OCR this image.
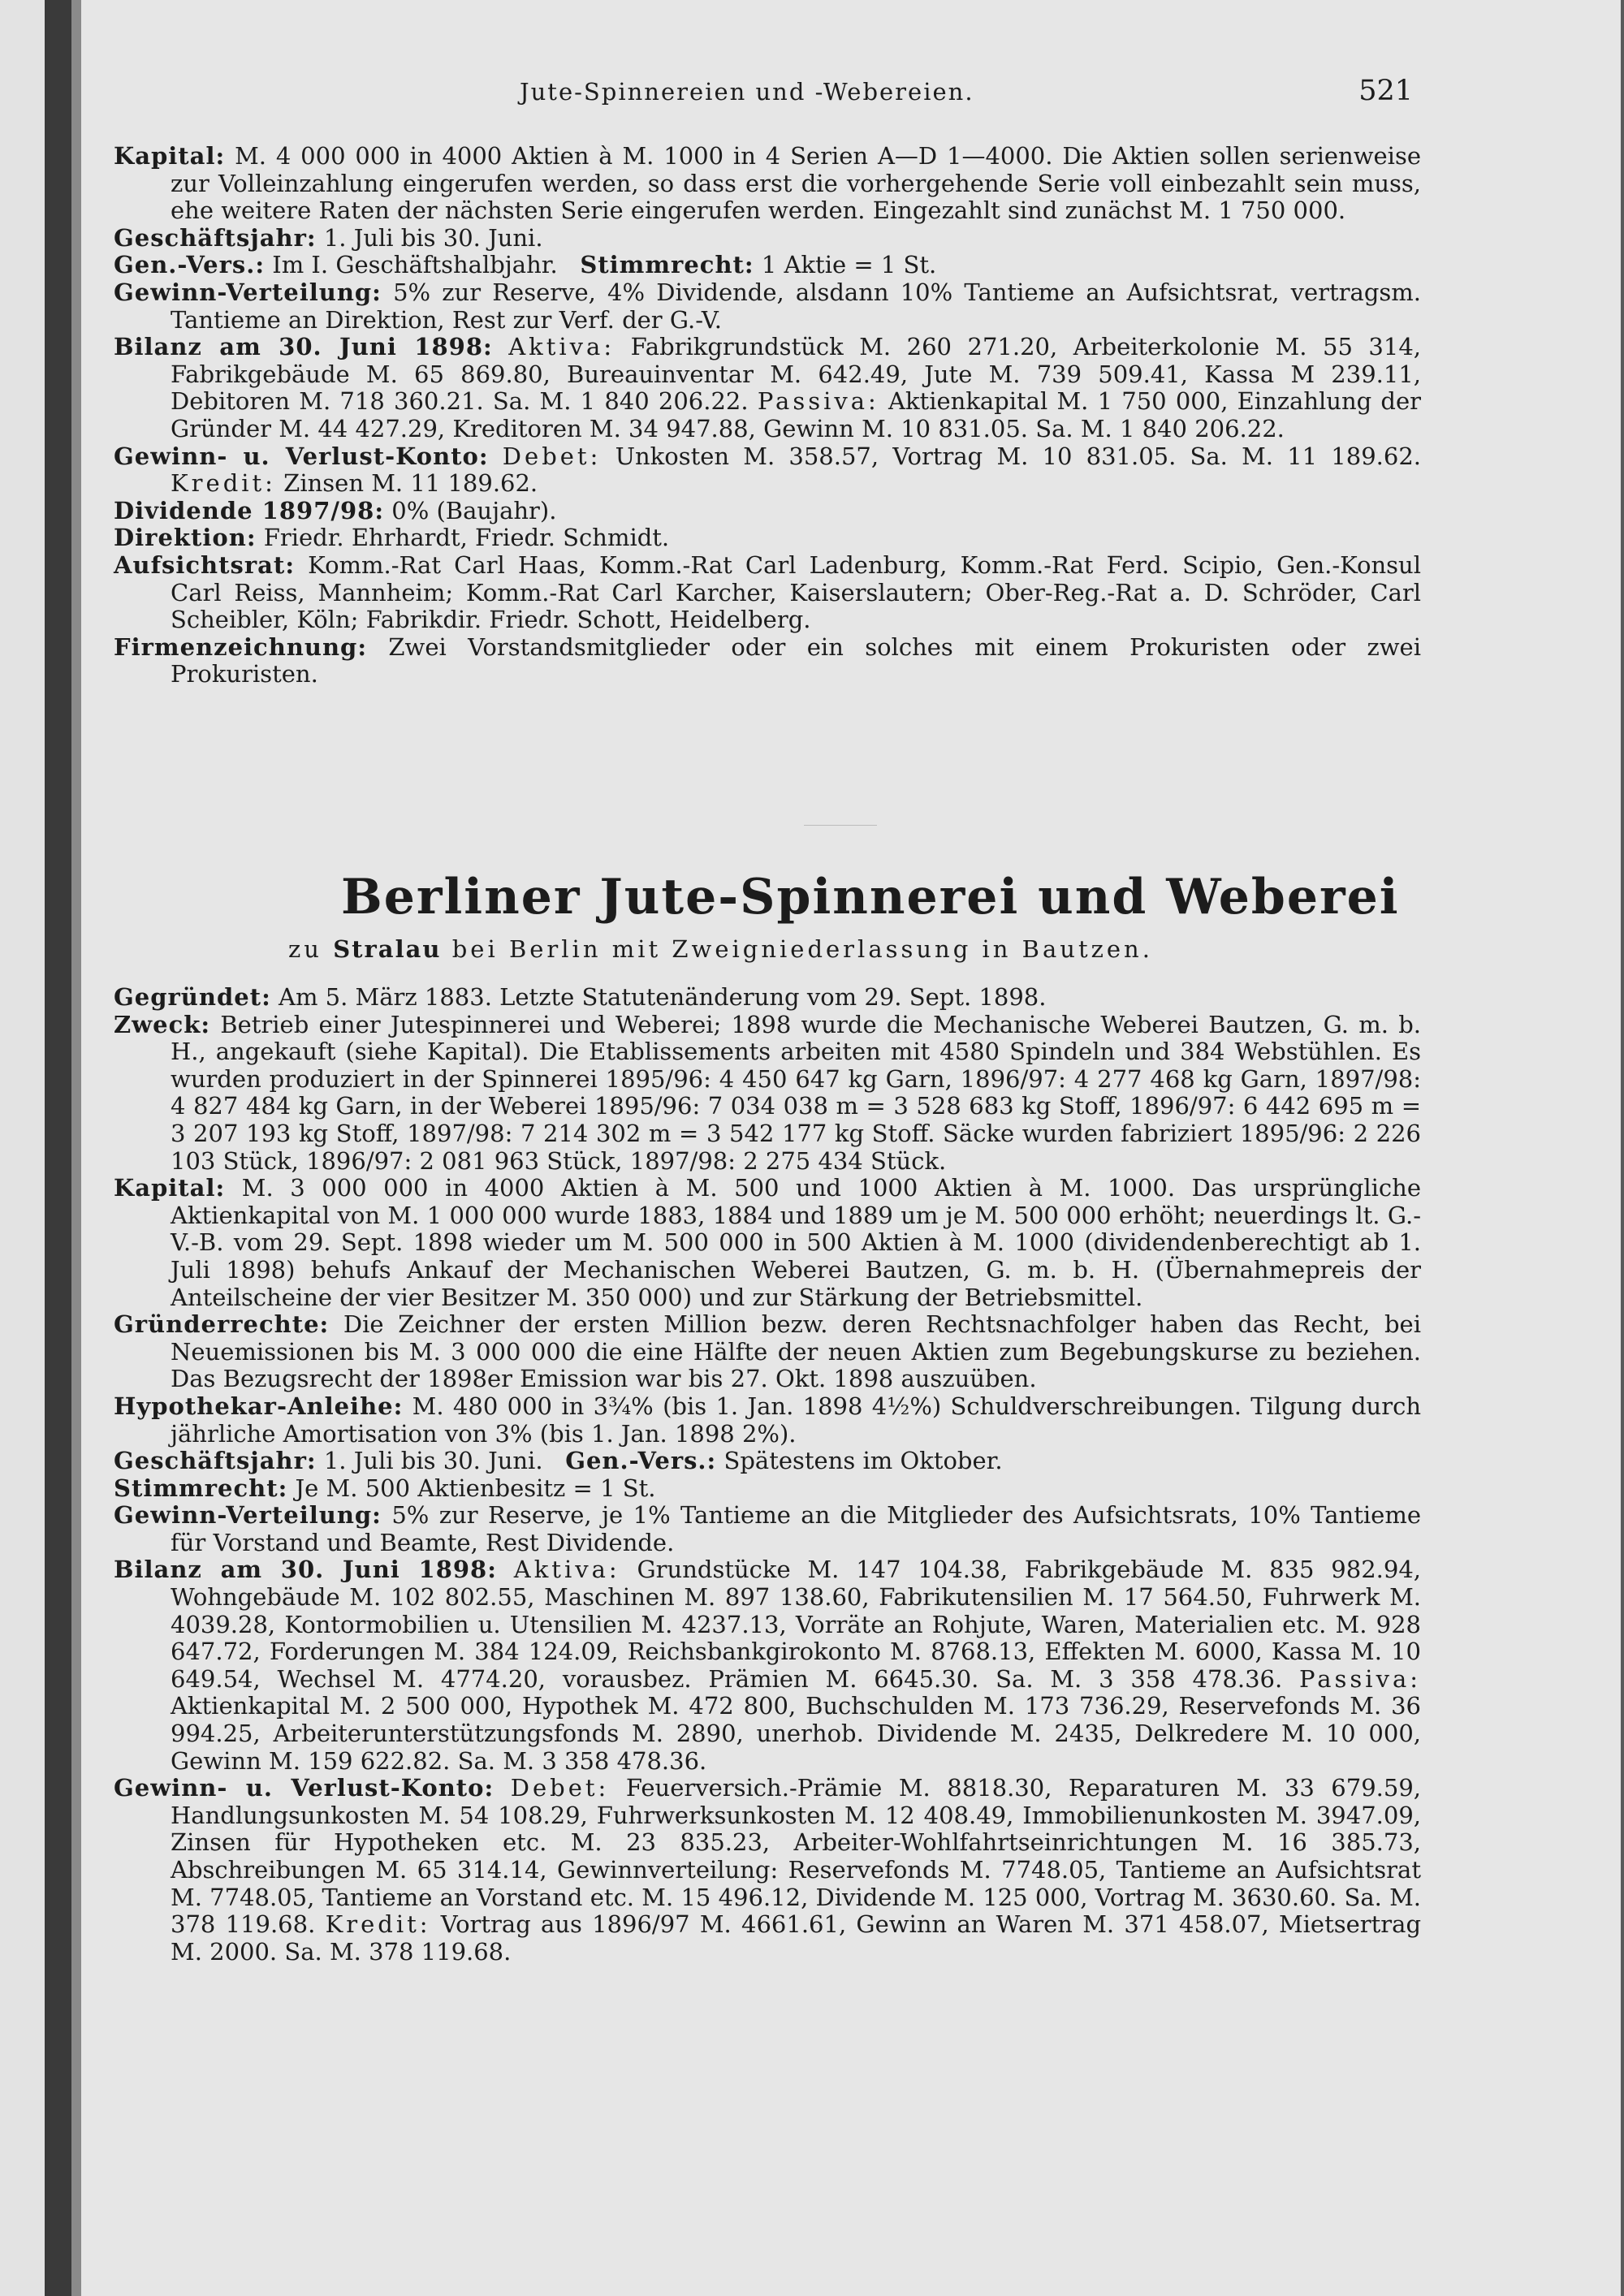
Jute-Spinnereien und -Webereien.	521

Kapital: M. 4 000 000 in 4000 Aktien à M. 1000 in 4 Serien A—D 1—4000. Die Aktien sollen serienweise zur Volleinzahlung eingerufen werden, so dass erst die vorhergehende Serie voll einbezahlt sein muss, ehe weitere Raten der nächsten Serie eingerufen werden. Eingezahlt sind zunächst M. 1 750 000.

Geschäftsjahr: 1. Juli bis 30. Juni.

Gen.-Vers.: Im I. Geschäftshalbjahr. Stimmrecht: 1 Aktie = 1 St.

Gewinn-Verteilung: 5% zur Reserve, 4% Dividende, alsdann 10% Tantieme an Aufsichtsrat, vertragsm. Tantieme an Direktion, Rest zur Verf. der G.-V.

Bilanz am 30. Juni 1898: Aktiva: Fabrikgrundstück M. 260 271.20, Arbeiterkolonie M. 55 314, Fabrikgebäude M. 65 869.80, Bureauinventar M. 642.49, Jute M. 739 509.41, Kassa M 239.11, Debitoren M. 718 360.21. Sa. M. 1 840 206.22. Passiva: Aktienkapital M. 1 750 000, Einzahlung der Gründer M. 44 427.29, Kreditoren M. 34 947.88, Gewinn M. 10 831.05. Sa. M. 1 840 206.22.

Gewinn- u. Verlust-Konto: Debet: Unkosten M. 358.57, Vortrag M. 10 831.05. Sa. M. 11 189.62. Kredit: Zinsen M. 11 189.62.

Dividende 1897/98: 0% (Baujahr).

Direktion: Friedr. Ehrhardt, Friedr. Schmidt.

Aufsichtsrat: Komm.-Rat Carl Haas, Komm.-Rat Carl Ladenburg, Komm.-Rat Ferd. Scipio, Gen.-Konsul Carl Reiss, Mannheim; Komm.-Rat Carl Karcher, Kaiserslautern; Ober-Reg.-Rat a. D. Schröder, Carl Scheibler, Köln; Fabrikdir. Friedr. Schott, Heidelberg.

Firmenzeichnung: Zwei Vorstandsmitglieder oder ein solches mit einem Prokuristen oder zwei Prokuristen.

Berliner Jute-Spinnerei und Weberei
zu Stralau bei Berlin mit Zweigniederlassung in Bautzen.

Gegründet: Am 5. März 1883. Letzte Statutenänderung vom 29. Sept. 1898.

Zweck: Betrieb einer Jutespinnerei und Weberei; 1898 wurde die Mechanische Weberei Bautzen, G. m. b. H., angekauft (siehe Kapital). Die Etablissements arbeiten mit 4580 Spindeln und 384 Webstühlen. Es wurden produziert in der Spinnerei 1895/96: 4 450 647 kg Garn, 1896/97: 4 277 468 kg Garn, 1897/98: 4 827 484 kg Garn, in der Weberei 1895/96: 7 034 038 m = 3 528 683 kg Stoff, 1896/97: 6 442 695 m = 3 207 193 kg Stoff, 1897/98: 7 214 302 m = 3 542 177 kg Stoff. Säcke wurden fabriziert 1895/96: 2 226 103 Stück, 1896/97: 2 081 963 Stück, 1897/98: 2 275 434 Stück.

Kapital: M. 3 000 000 in 4000 Aktien à M. 500 und 1000 Aktien à M. 1000. Das ursprüngliche Aktienkapital von M. 1 000 000 wurde 1883, 1884 und 1889 um je M. 500 000 erhöht; neuerdings lt. G.-V.-B. vom 29. Sept. 1898 wieder um M. 500 000 in 500 Aktien à M. 1000 (dividendenberechtigt ab 1. Juli 1898) behufs Ankauf der Mechanischen Weberei Bautzen, G. m. b. H. (Übernahmepreis der Anteilscheine der vier Besitzer M. 350 000) und zur Stärkung der Betriebsmittel.

Gründerrechte: Die Zeichner der ersten Million bezw. deren Rechtsnachfolger haben das Recht, bei Neuemissionen bis M. 3 000 000 die eine Hälfte der neuen Aktien zum Begebungskurse zu beziehen. Das Bezugsrecht der 1898er Emission war bis 27. Okt. 1898 auszuüben.

Hypothekar-Anleihe: M. 480 000 in 3¾% (bis 1. Jan. 1898 4½%) Schuldverschreibungen. Tilgung durch jährliche Amortisation von 3% (bis 1. Jan. 1898 2%).

Geschäftsjahr: 1. Juli bis 30. Juni. Gen.-Vers.: Spätestens im Oktober.

Stimmrecht: Je M. 500 Aktienbesitz = 1 St.

Gewinn-Verteilung: 5% zur Reserve, je 1% Tantieme an die Mitglieder des Aufsichtsrats, 10% Tantieme für Vorstand und Beamte, Rest Dividende.

Bilanz am 30. Juni 1898: Aktiva: Grundstücke M. 147 104.38, Fabrikgebäude M. 835 982.94, Wohngebäude M. 102 802.55, Maschinen M. 897 138.60, Fabrikutensilien M. 17 564.50, Fuhrwerk M. 4039.28, Kontormobilien u. Utensilien M. 4237.13, Vorräte an Rohjute, Waren, Materialien etc. M. 928 647.72, Forderungen M. 384 124.09, Reichsbankgirokonto M. 8768.13, Effekten M. 6000, Kassa M. 10 649.54, Wechsel M. 4774.20, vorausbez. Prämien M. 6645.30. Sa. M. 3 358 478.36. Passiva: Aktienkapital M. 2 500 000, Hypothek M. 472 800, Buchschulden M. 173 736.29, Reservefonds M. 36 994.25, Arbeiterunterstützungsfonds M. 2890, unerhob. Dividende M. 2435, Delkredere M. 10 000, Gewinn M. 159 622.82. Sa. M. 3 358 478.36.

Gewinn- u. Verlust-Konto: Debet: Feuerversich.-Prämie M. 8818.30, Reparaturen M. 33 679.59, Handlungsunkosten M. 54 108.29, Fuhrwerksunkosten M. 12 408.49, Immobilienunkosten M. 3947.09, Zinsen für Hypotheken etc. M. 23 835.23, Arbeiter-Wohlfahrtseinrichtungen M. 16 385.73, Abschreibungen M. 65 314.14, Gewinnverteilung: Reservefonds M. 7748.05, Tantieme an Aufsichtsrat M. 7748.05, Tantieme an Vorstand etc. M. 15 496.12, Dividende M. 125 000, Vortrag M. 3630.60. Sa. M. 378 119.68. Kredit: Vortrag aus 1896/97 M. 4661.61, Gewinn an Waren M. 371 458.07, Mietsertrag M. 2000. Sa. M. 378 119.68.
